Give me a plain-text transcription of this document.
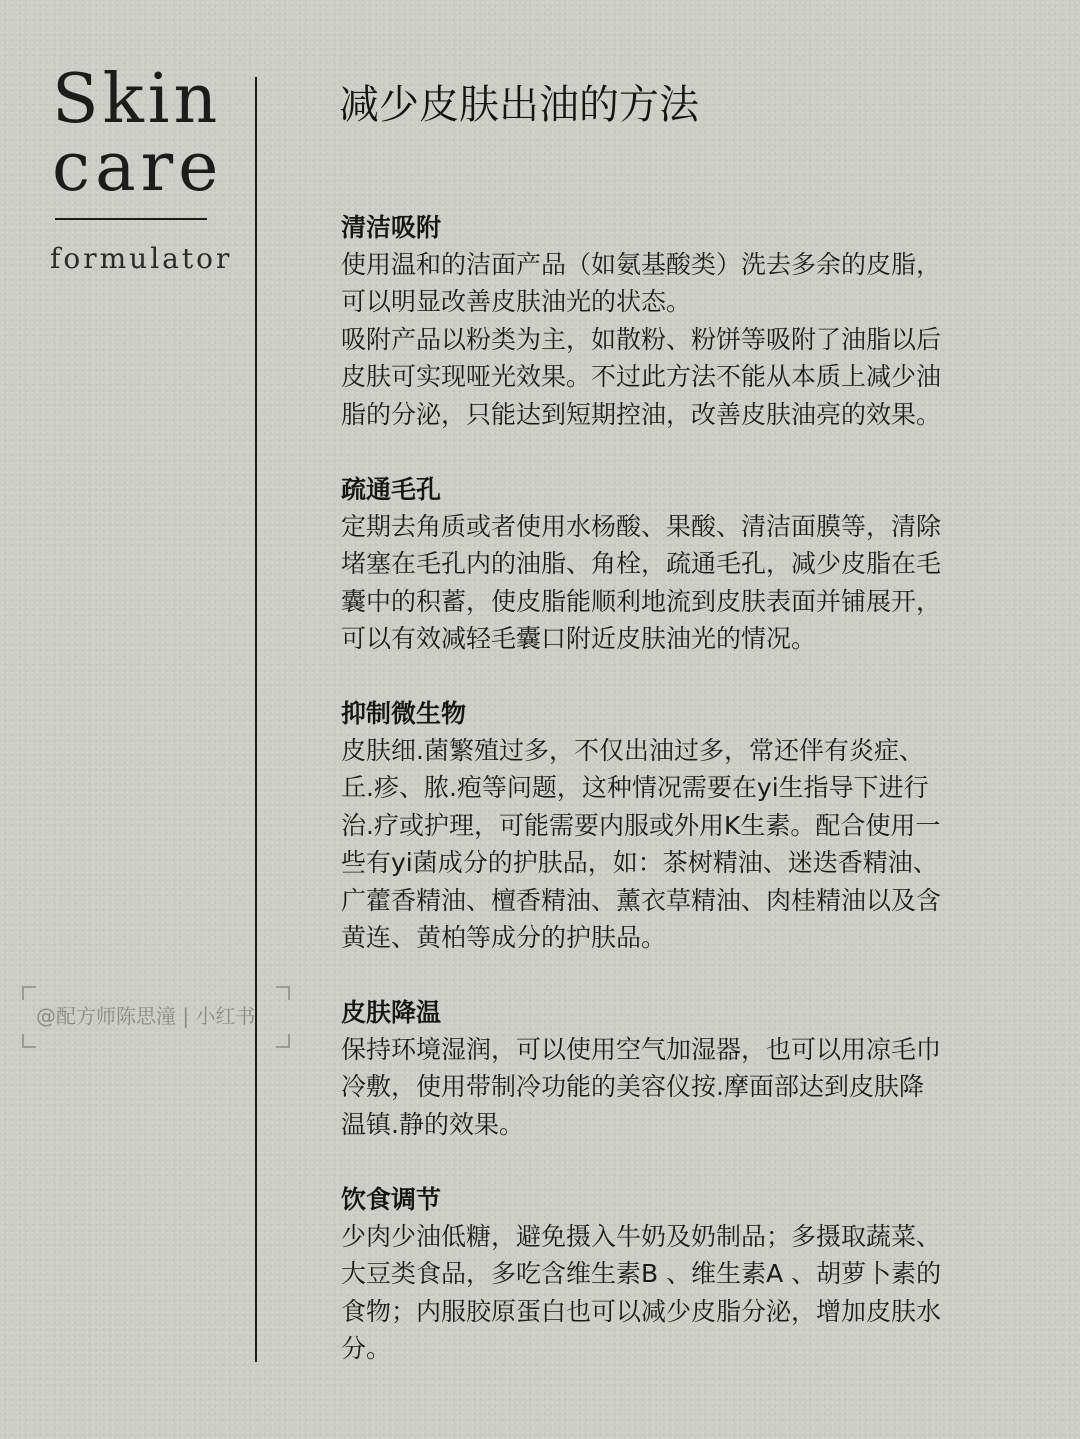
Skin
care
formulator
@配方师陈思潼 | 小红书
减少皮肤出油的方法
清洁吸附

使用温和的洁面产品（如氨基酸类）洗去多余的皮脂，
可以明显改善皮肤油光的状态。
吸附产品以粉类为主，如散粉、粉饼等吸附了油脂以后
皮肤可实现哑光效果。不过此方法不能从本质上减少油
脂的分泌，只能达到短期控油，改善皮肤油亮的效果。

疏通毛孔

定期去角质或者使用水杨酸、果酸、清洁面膜等，清除
堵塞在毛孔内的油脂、角栓，疏通毛孔，减少皮脂在毛
囊中的积蓄，使皮脂能顺利地流到皮肤表面并铺展开，
可以有效减轻毛囊口附近皮肤油光的情况。

抑制微生物

皮肤细.菌繁殖过多，不仅出油过多，常还伴有炎症、
丘.疹、脓.疱等问题，这种情况需要在yi生指导下进行
治.疗或护理，可能需要内服或外用K生素。配合使用一
些有yi菌成分的护肤品，如：茶树精油、迷迭香精油、
广藿香精油、檀香精油、薰衣草精油、肉桂精油以及含
黄连、黄柏等成分的护肤品。

皮肤降温

保持环境湿润，可以使用空气加湿器，也可以用凉毛巾
冷敷，使用带制冷功能的美容仪按.摩面部达到皮肤降
温镇.静的效果。

饮食调节

少肉少油低糖，避免摄入牛奶及奶制品；多摄取蔬菜、
大豆类食品，多吃含维生素B 、维生素A 、胡萝卜素的
食物；内服胶原蛋白也可以减少皮脂分泌，增加皮肤水
分。
